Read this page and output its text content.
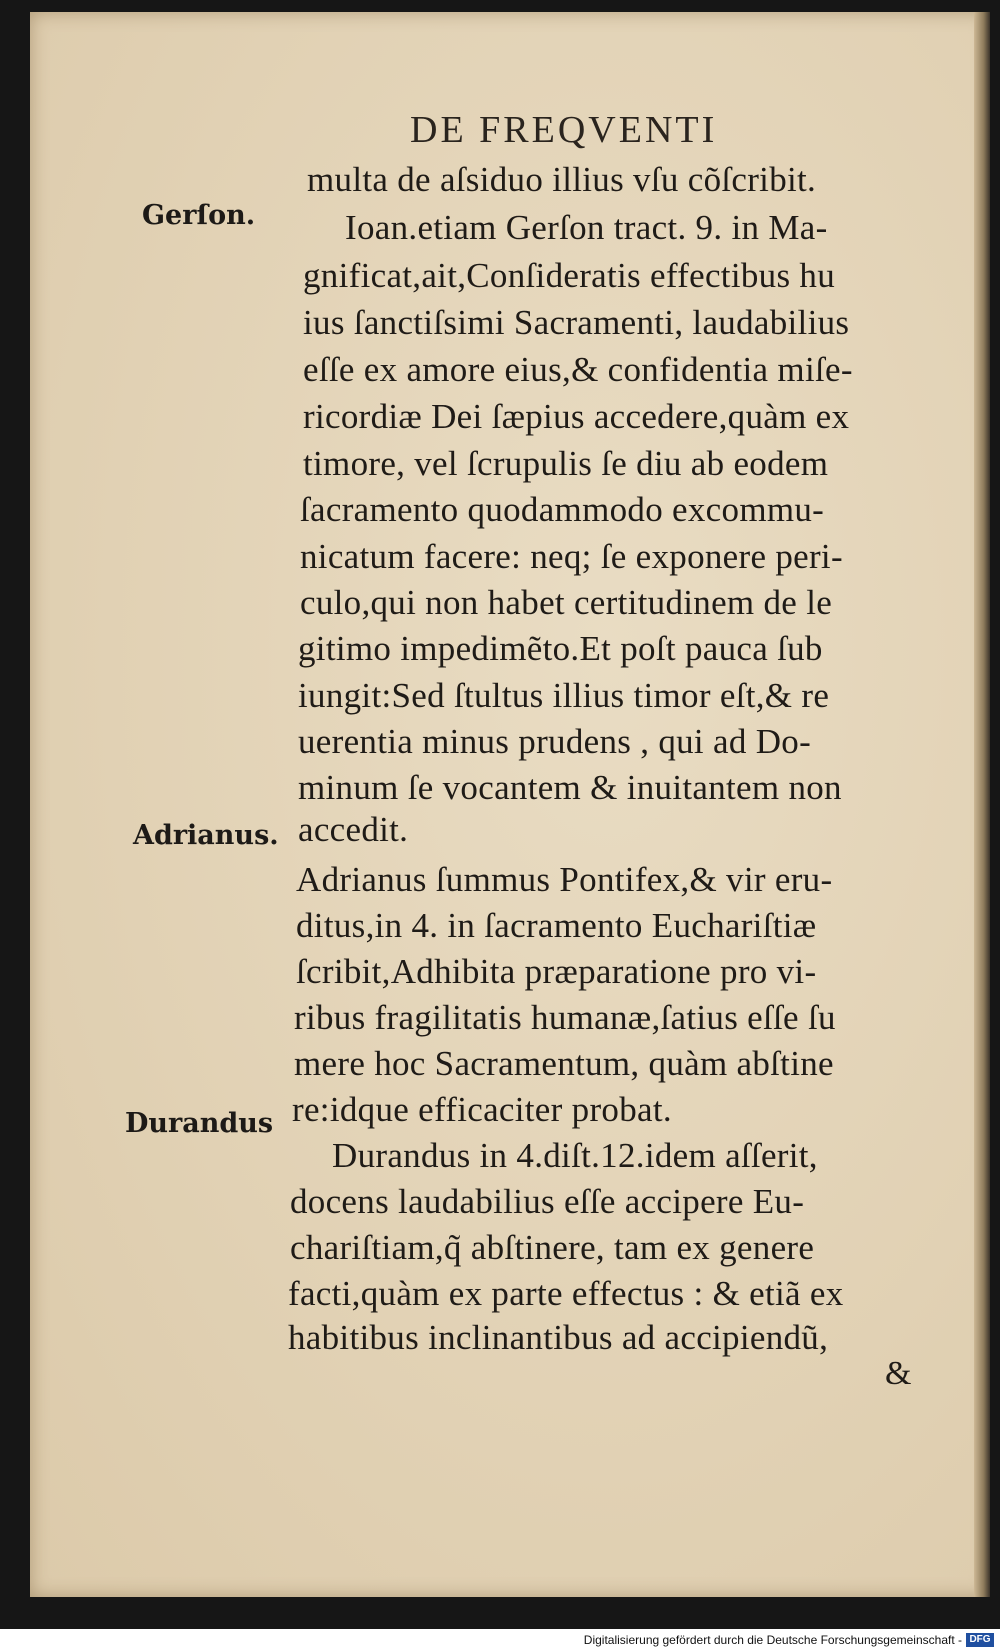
DE FREQVENTI
Gerſon.
Adrianus.
Durandus
multa de aſsiduo illius vſu cõſcribit.
Ioan.etiam Gerſon tract. 9. in Ma-
gnificat,ait,Conſideratis effectibus hu
ius ſanctiſsimi Sacramenti, laudabilius
eſſe ex amore eius,& confidentia miſe-
ricordiæ Dei ſæpius accedere,quàm ex
timore, vel ſcrupulis ſe diu ab eodem
ſacramento quodammodo excommu-
nicatum facere: neq; ſe exponere peri-
culo,qui non habet certitudinem de le
gitimo impedimẽto.Et poſt pauca ſub
iungit:Sed ſtultus illius timor eſt,& re
uerentia minus prudens , qui ad Do-
minum ſe vocantem & inuitantem non
accedit.
Adrianus ſummus Pontifex,& vir eru-
ditus,in 4. in ſacramento Euchariſtiæ
ſcribit,Adhibita præparatione pro vi-
ribus fragilitatis humanæ,ſatius eſſe ſu
mere hoc Sacramentum, quàm abſtine
re:idque efficaciter probat.
Durandus in 4.diſt.12.idem aſſerit,
docens laudabilius eſſe accipere Eu-
chariſtiam,q̃ abſtinere, tam ex genere
facti,quàm ex parte effectus : & etiã ex
habitibus inclinantibus ad accipiendũ,
&
Digitalisierung gefördert durch die Deutsche Forschungsgemeinschaft - DFG
